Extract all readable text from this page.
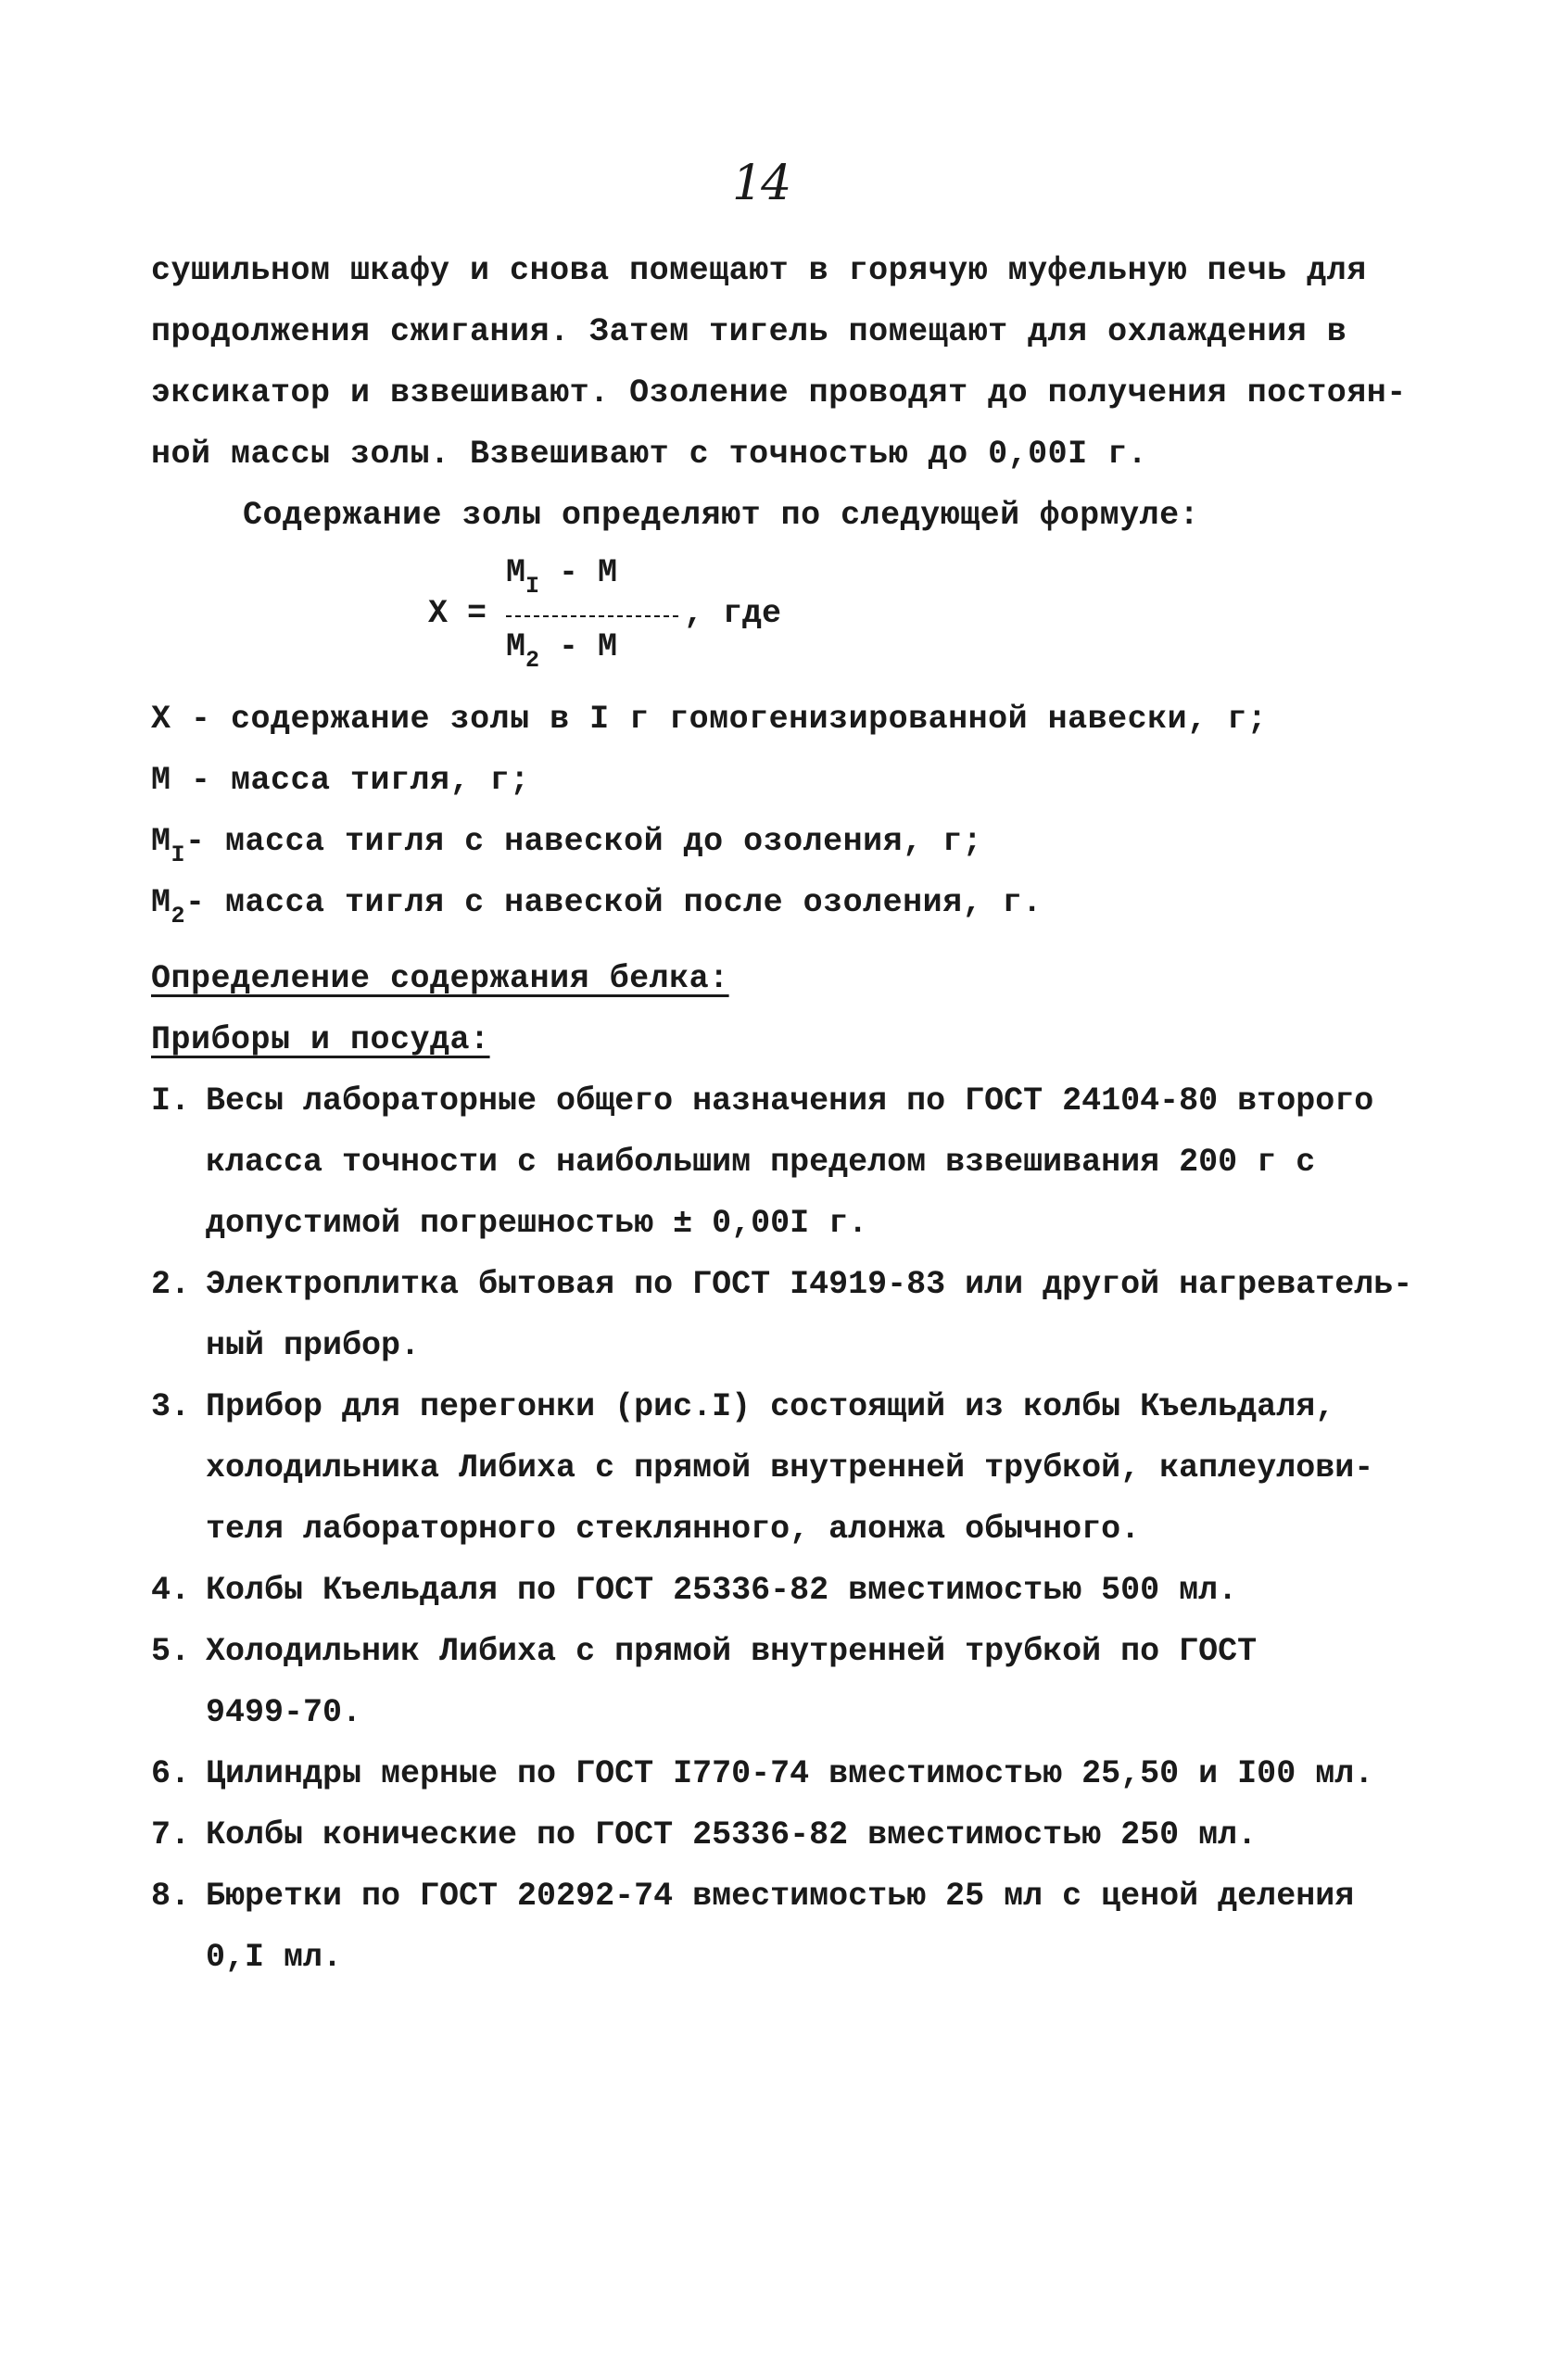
14
сушильном шкафу и снова помещают в горячую муфельную печь для
продолжения сжигания. Затем тигель помещают для охлаждения в
эксикатор и взвешивают. Озоление проводят до получения постоян-
ной массы золы. Взвешивают с точностью до 0,00I г.
Содержание золы определяют по следующей формуле:
X =
$М_I$ - М
$М_2$ - М
, где
Х - содержание золы в I г гомогенизированной навески, г;
М - масса тигля, г;
$М_I-$ масса тигля с навеской до озоления, г;
$М_2-$ масса тигля с навеской после озоления, г.
Определение содержания белка:
Приборы и посуда:
I. Весы лабораторные общего назначения по ГОСТ 24104-80 второго
класса точности с наибольшим пределом взвешивания 200 г с
допустимой погрешностью ± 0,00I г.
2. Электроплитка бытовая по ГОСТ I4919-83 или другой нагреватель-
ный прибор.
3. Прибор для перегонки (рис.I) состоящий из колбы Къельдаля,
холодильника Либиха с прямой внутренней трубкой, каплеулови-
теля лабораторного стеклянного, алонжа обычного.
4. Колбы Къельдаля по ГОСТ 25336-82 вместимостью 500 мл.
5. Холодильник Либиха с прямой внутренней трубкой по ГОСТ
9499-70.
6. Цилиндры мерные по ГОСТ I770-74 вместимостью 25,50 и I00 мл.
7. Колбы конические по ГОСТ 25336-82 вместимостью 250 мл.
8. Бюретки по ГОСТ 20292-74 вместимостью 25 мл с ценой деления
0,I мл.
